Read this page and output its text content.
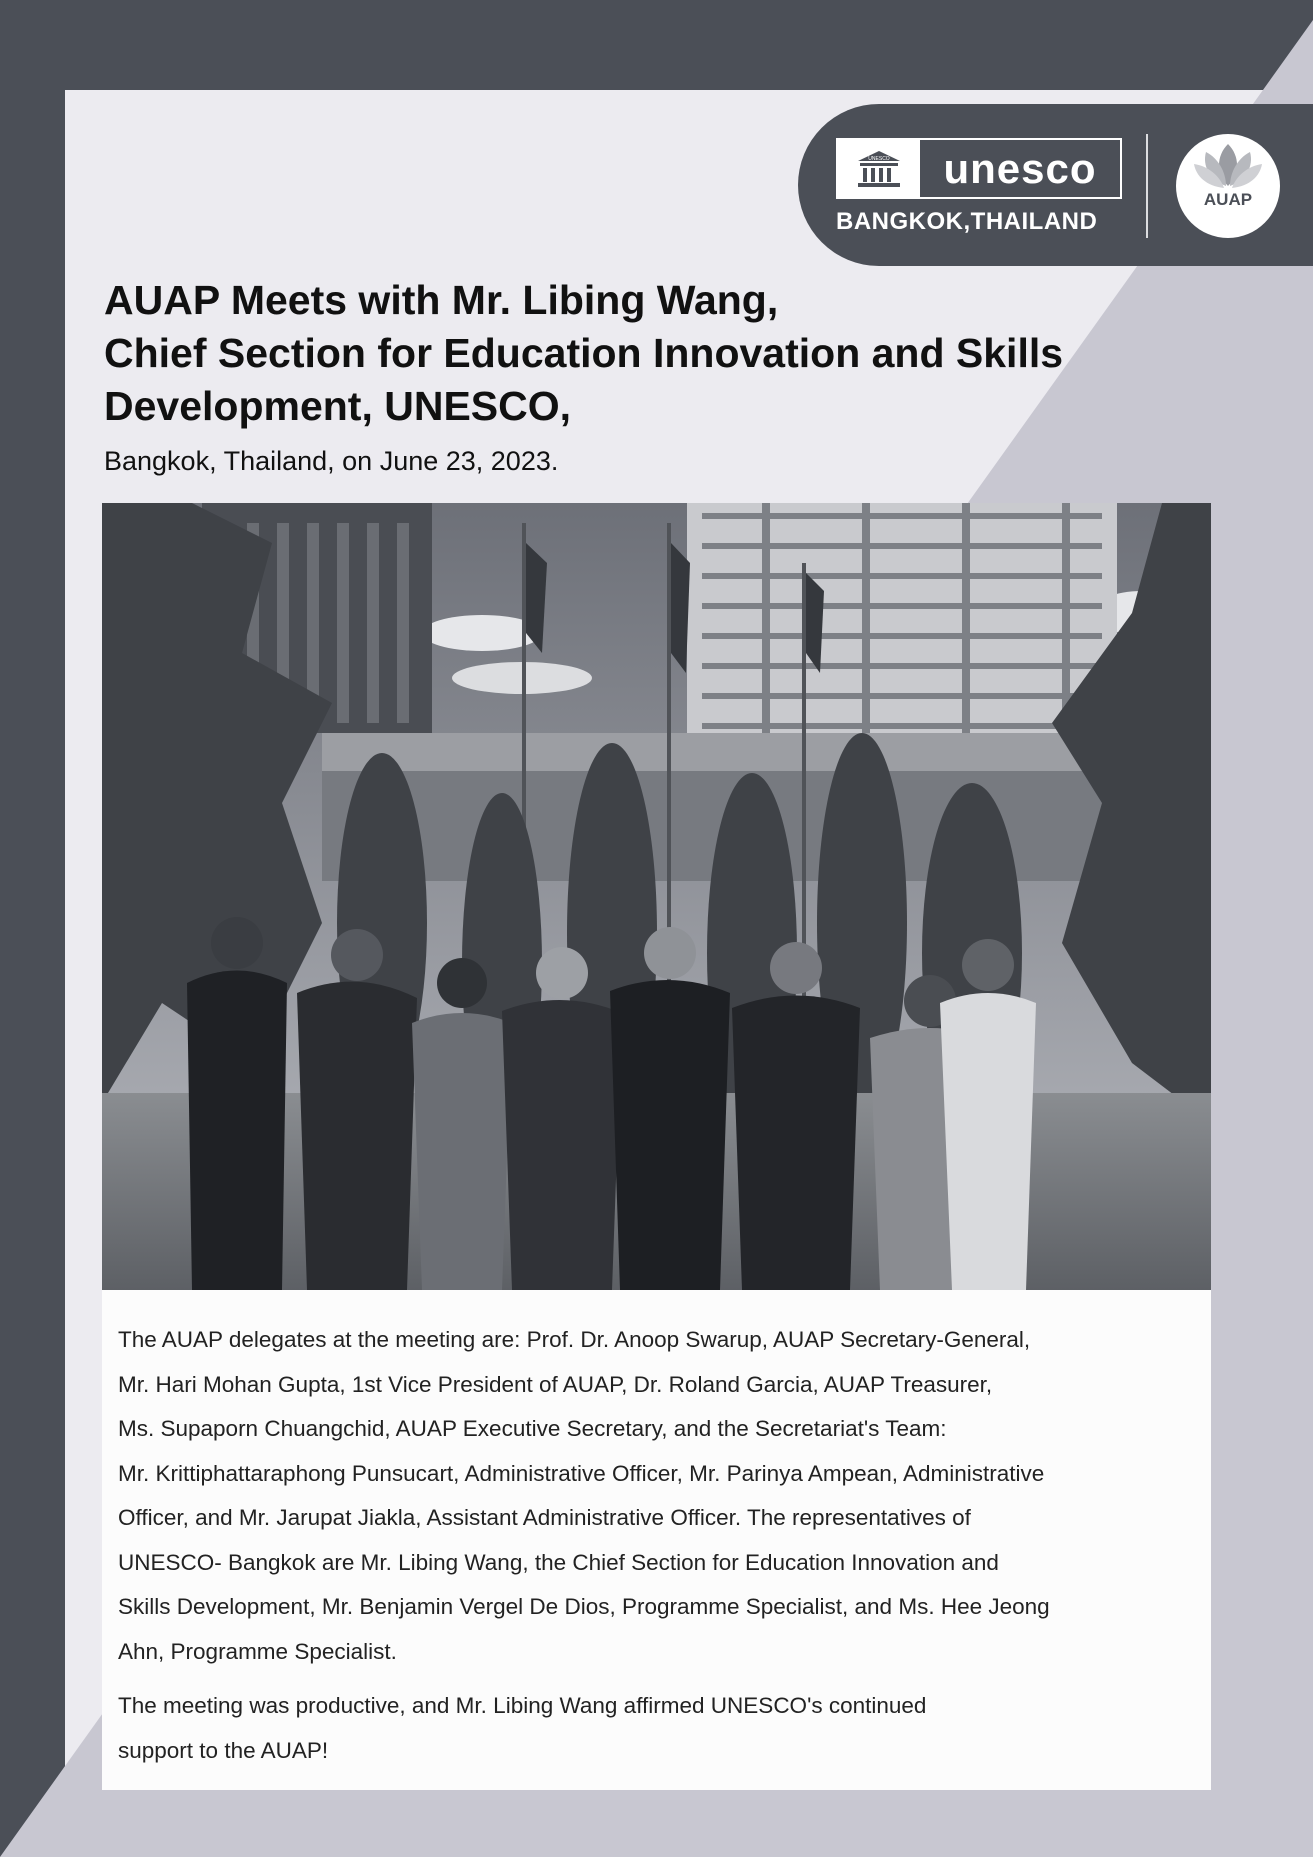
UNESCO	unesco
BANGKOK,THAILAND
AUAP
AUAP Meets with Mr. Libing Wang,
Chief Section for Education Innovation and Skills
Development, UNESCO,
Bangkok, Thailand, on June 23, 2023.
The AUAP delegates at the meeting are: Prof. Dr. Anoop Swarup, AUAP Secretary-General,
Mr. Hari Mohan Gupta, 1st Vice President of AUAP, Dr. Roland Garcia, AUAP Treasurer,
Ms. Supaporn Chuangchid, AUAP Executive Secretary, and the Secretariat's Team:
Mr. Krittiphattaraphong Punsucart, Administrative Officer, Mr. Parinya Ampean, Administrative
Officer, and Mr. Jarupat Jiakla, Assistant Administrative Officer. The representatives of
UNESCO- Bangkok are Mr. Libing Wang, the Chief Section for Education Innovation and
Skills Development, Mr. Benjamin Vergel De Dios, Programme Specialist, and Ms. Hee Jeong
Ahn, Programme Specialist.
The meeting was productive, and Mr. Libing Wang affirmed UNESCO's continued
support to the AUAP!
